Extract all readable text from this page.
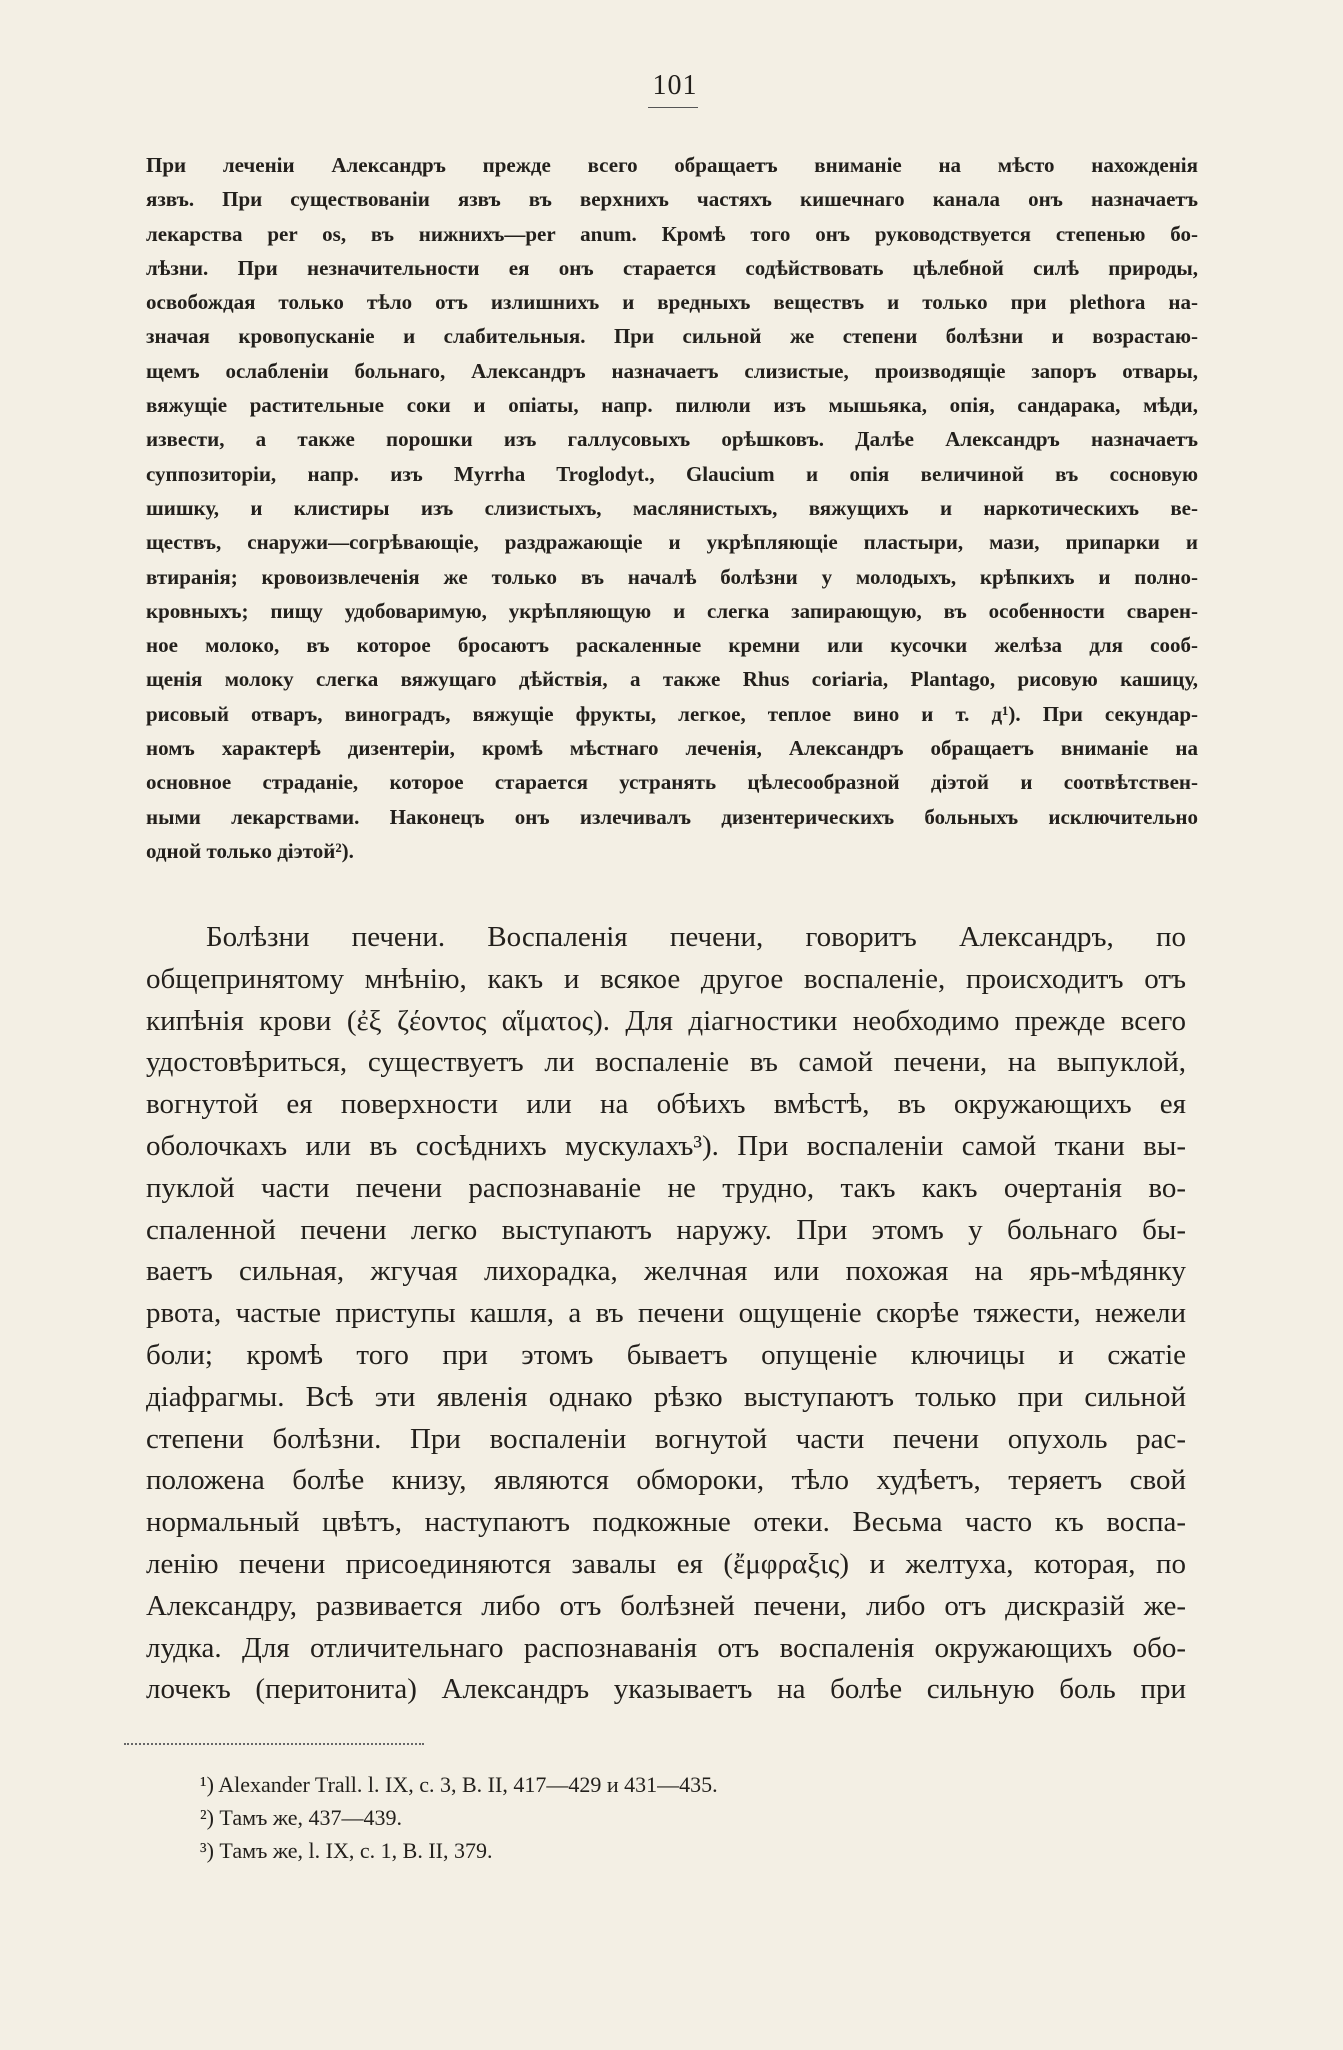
101
При леченіи Александръ прежде всего обращаетъ вниманіе на мѣсто нахожденія
язвъ. При существованіи язвъ въ верхнихъ частяхъ кишечнаго канала онъ назначаетъ
лекарства per os, въ нижнихъ—per anum. Кромѣ того онъ руководствуется степенью бо-
лѣзни. При незначительности ея онъ старается содѣйствовать цѣлебной силѣ природы,
освобождая только тѣло отъ излишнихъ и вредныхъ веществъ и только при plethora на-
значая кровопусканіе и слабительныя. При сильной же степени болѣзни и возрастаю-
щемъ ослабленіи больнаго, Александръ назначаетъ слизистые, производящіе запоръ отвары,
вяжущіе растительные соки и опіаты, напр. пилюли изъ мышьяка, опія, сандарака, мѣди,
извести, а также порошки изъ галлусовыхъ орѣшковъ. Далѣе Александръ назначаетъ
суппозиторіи, напр. изъ Myrrha Troglodyt., Glaucium и опія величиной въ сосновую
шишку, и клистиры изъ слизистыхъ, маслянистыхъ, вяжущихъ и наркотическихъ ве-
ществъ, снаружи—согрѣвающіе, раздражающіе и укрѣпляющіе пластыри, мази, припарки и
втиранія; кровоизвлеченія же только въ началѣ болѣзни у молодыхъ, крѣпкихъ и полно-
кровныхъ; пищу удобоваримую, укрѣпляющую и слегка запирающую, въ особенности сварен-
ное молоко, въ которое бросаютъ раскаленные кремни или кусочки желѣза для сооб-
щенія молоку слегка вяжущаго дѣйствія, а также Rhus coriaria, Plantago, рисовую кашицу,
рисовый отваръ, виноградъ, вяжущіе фрукты, легкое, теплое вино и т. д¹). При секундар-
номъ характерѣ дизентеріи, кромѣ мѣстнаго леченія, Александръ обращаетъ вниманіе на
основное страданіе, которое старается устранять цѣлесообразной діэтой и соотвѣтствен-
ными лекарствами. Наконецъ онъ излечивалъ дизентерическихъ больныхъ исключительно
одной только діэтой²).
Болѣзни печени. Воспаленія печени, говоритъ Александръ, по
общепринятому мнѣнію, какъ и всякое другое воспаленіе, происходитъ отъ
кипѣнія крови (ἐξ ζέοντος αἵματος). Для діагностики необходимо прежде всего
удостовѣриться, существуетъ ли воспаленіе въ самой печени, на выпуклой,
вогнутой ея поверхности или на обѣихъ вмѣстѣ, въ окружающихъ ея
оболочкахъ или въ сосѣднихъ мускулахъ³). При воспаленіи самой ткани вы-
пуклой части печени распознаваніе не трудно, такъ какъ очертанія во-
спаленной печени легко выступаютъ наружу. При этомъ у больнаго бы-
ваетъ сильная, жгучая лихорадка, желчная или похожая на ярь-мѣдянку
рвота, частые приступы кашля, а въ печени ощущеніе скорѣе тяжести, нежели
боли; кромѣ того при этомъ бываетъ опущеніе ключицы и сжатіе
діафрагмы. Всѣ эти явленія однако рѣзко выступаютъ только при сильной
степени болѣзни. При воспаленіи вогнутой части печени опухоль рас-
положена болѣе книзу, являются обмороки, тѣло худѣетъ, теряетъ свой
нормальный цвѣтъ, наступаютъ подкожные отеки. Весьма часто къ воспа-
ленію печени присоединяются завалы ея (ἔμφραξις) и желтуха, которая, по
Александру, развивается либо отъ болѣзней печени, либо отъ дискразій же-
лудка. Для отличительнаго распознаванія отъ воспаленія окружающихъ обо-
лочекъ (перитонита) Александръ указываетъ на болѣе сильную боль при
¹) Alexander Trall. l. IX, c. 3, B. II, 417—429 и 431—435.
²) Тамъ же, 437—439.
³) Тамъ же, l. IX, c. 1, B. II, 379.
